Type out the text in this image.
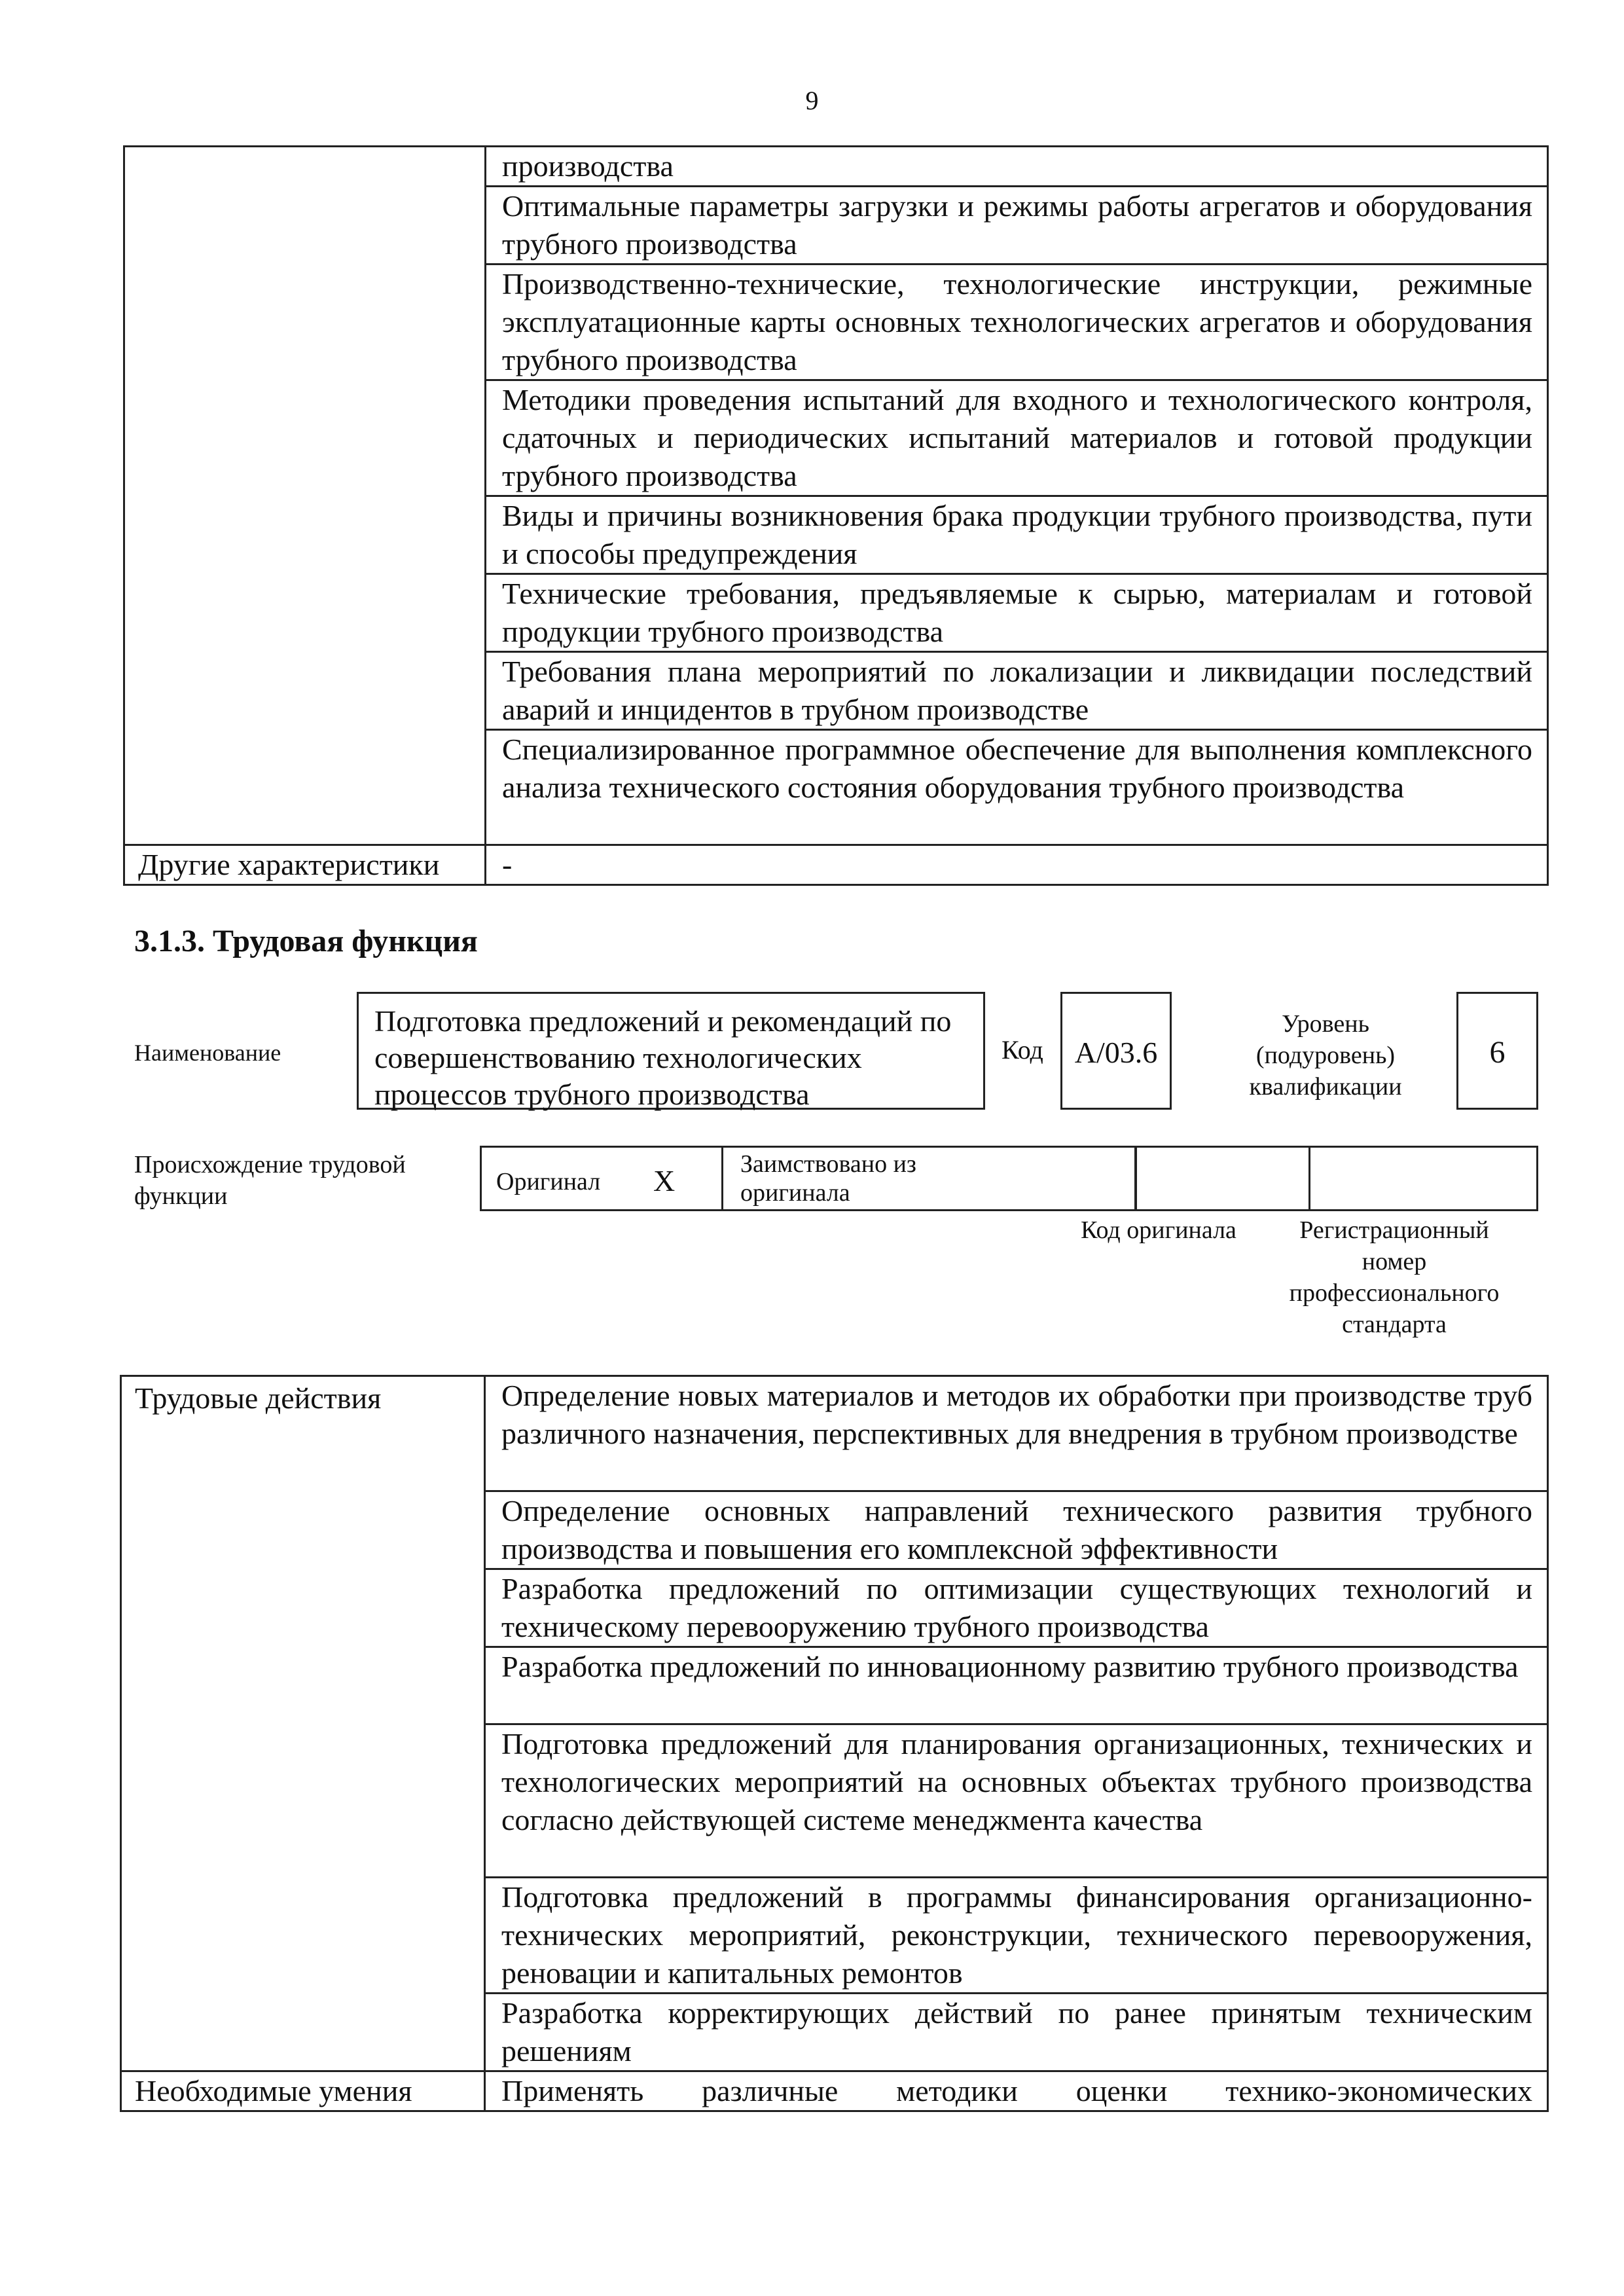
9

	производства

	Оптимальные параметры загрузки и режимы работы агрегатов и оборудования трубного производства

	Производственно-технические, технологические инструкции, режимные эксплуатационные карты основных технологических агрегатов и оборудования трубного производства

	Методики проведения испытаний для входного и технологического контроля, сдаточных и периодических испытаний материалов и готовой продукции трубного производства

	Виды и причины возникновения брака продукции трубного производства, пути и способы предупреждения

	Технические требования, предъявляемые к сырью, материалам и готовой продукции трубного производства

	Требования плана мероприятий по локализации и ликвидации последствий аварий и инцидентов в трубном производстве

	Специализированное программное обеспечение для выполнения комплексного анализа технического состояния оборудования трубного производства

Другие характеристики	-
3.1.3. Трудовая функция
Наименование
Подготовка предложений и рекомендаций по совершенствованию технологических процессов трубного производства
Код	A/03.6
Уровень (подуровень) квалификации
6
Происхождение трудовой функции
Оригинал X	Заимствовано из оригинала
Код оригинала	Регистрационный номер профессионального стандарта
Трудовые действия	Определение новых материалов и методов их обработки при производстве труб различного назначения, перспективных для внедрения в трубном производстве

	Определение основных направлений технического развития трубного производства и повышения его комплексной эффективности

	Разработка предложений по оптимизации существующих технологий и техническому перевооружению трубного производства

	Разработка предложений по инновационному развитию трубного производства

	Подготовка предложений для планирования организационных, технических и технологических мероприятий на основных объектах трубного производства согласно действующей системе менеджмента качества

	Подготовка предложений в программы финансирования организационно-технических мероприятий, реконструкции, технического перевооружения, реновации и капитальных ремонтов

	Разработка корректирующих действий по ранее принятым техническим решениям

Необходимые умения	Применять различные методики оценки технико-экономических
